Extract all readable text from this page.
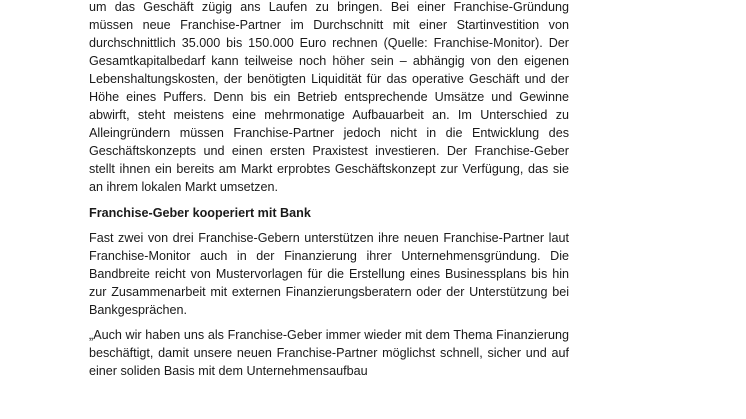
um das Geschäft zügig ans Laufen zu bringen. Bei einer Franchise-Gründung müssen neue Franchise-Partner im Durchschnitt mit einer Startinvestition von durchschnittlich 35.000 bis 150.000 Euro rechnen (Quelle: Franchise-Monitor). Der Gesamtkapitalbedarf kann teilweise noch höher sein – abhängig von den eigenen Lebenshaltungskosten, der benötigten Liquidität für das operative Geschäft und der Höhe eines Puffers. Denn bis ein Betrieb entsprechende Umsätze und Gewinne abwirft, steht meistens eine mehrmonatige Aufbauarbeit an. Im Unterschied zu Alleingründern müssen Franchise-Partner jedoch nicht in die Entwicklung des Geschäftskonzepts und einen ersten Praxistest investieren. Der Franchise-Geber stellt ihnen ein bereits am Markt erprobtes Geschäftskonzept zur Verfügung, das sie an ihrem lokalen Markt umsetzen.

Franchise-Geber kooperiert mit Bank

Fast zwei von drei Franchise-Gebern unterstützen ihre neuen Franchise-Partner laut Franchise-Monitor auch in der Finanzierung ihrer Unternehmensgründung. Die Bandbreite reicht von Mustervorlagen für die Erstellung eines Businessplans bis hin zur Zusammenarbeit mit externen Finanzierungsberatern oder der Unterstützung bei Bankgesprächen.

„Auch wir haben uns als Franchise-Geber immer wieder mit dem Thema Finanzierung beschäftigt, damit unsere neuen Franchise-Partner möglichst schnell, sicher und auf einer soliden Basis mit dem Unternehmensaufbau
